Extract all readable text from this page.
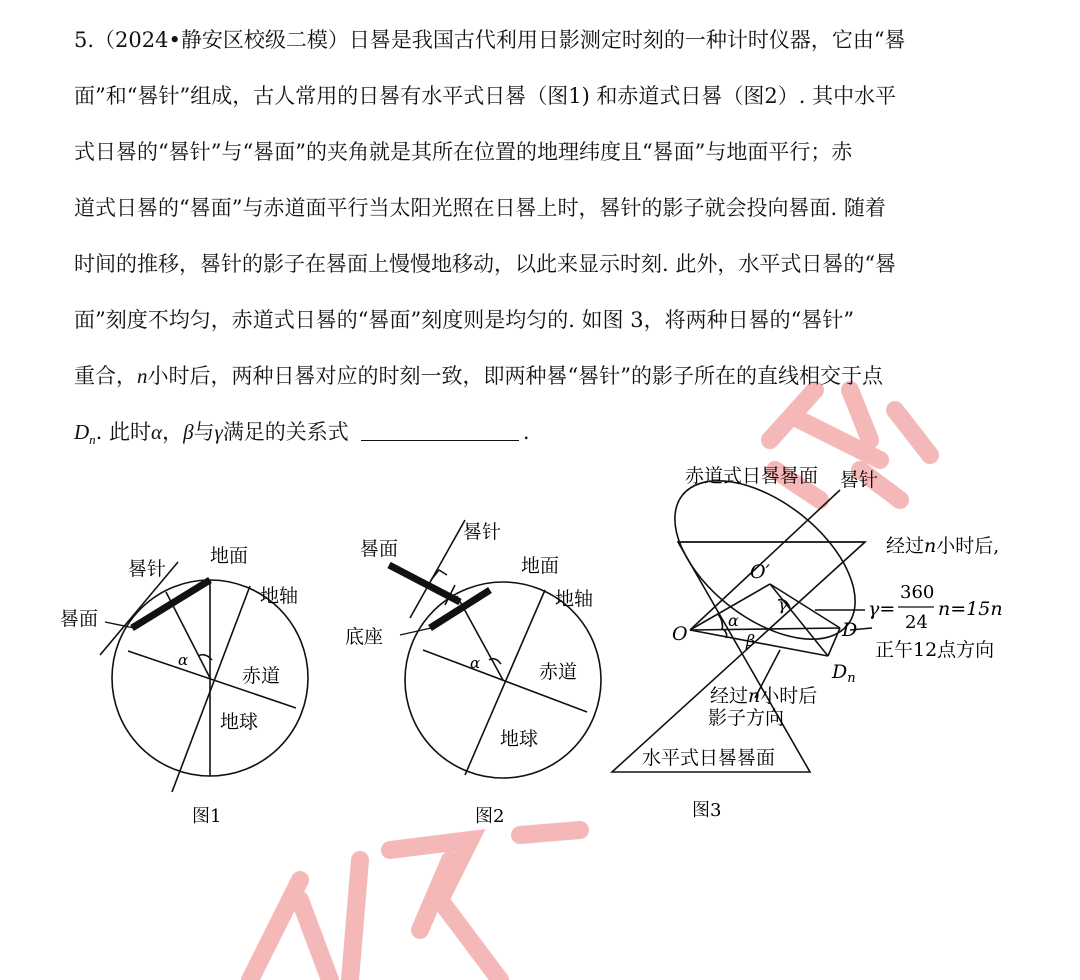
5.（2024•静安区校级二模）日晷是我国古代利用日影测定时刻的一种计时仪器，它由“晷
面”和“晷针”组成，古人常用的日晷有水平式日晷（图1) 和赤道式日晷（图2）. 其中水平
式日晷的“晷针”与“晷面”的夹角就是其所在位置的地理纬度且“晷面”与地面平行；赤
道式日晷的“晷面”与赤道面平行当太阳光照在日晷上时，晷针的影子就会投向晷面. 随着
时间的推移，晷针的影子在晷面上慢慢地移动，以此来显示时刻. 此外，水平式日晷的“晷
面”刻度不均匀，赤道式日晷的“晷面”刻度则是均匀的. 如图 3，将两种日晷的“晷针”
重合，n小时后，两种日晷对应的时刻一致，即两种晷“晷针”的影子所在的直线相交于点
$D_n$. 此时α，β与γ满足的关系式	.
地面
晷针
晷面
地轴
赤道
地球
α
图1
晷针
晷面
地面
地轴
底座
赤道
地球
α
图2
赤道式日晷晷面 晷针
经过n小时后,
O′
O
α
β
γ
D
$D_n$
γ=
360
24
n=15n
正午12点方向
经过n小时后
影子方向
水平式日晷晷面
图3
